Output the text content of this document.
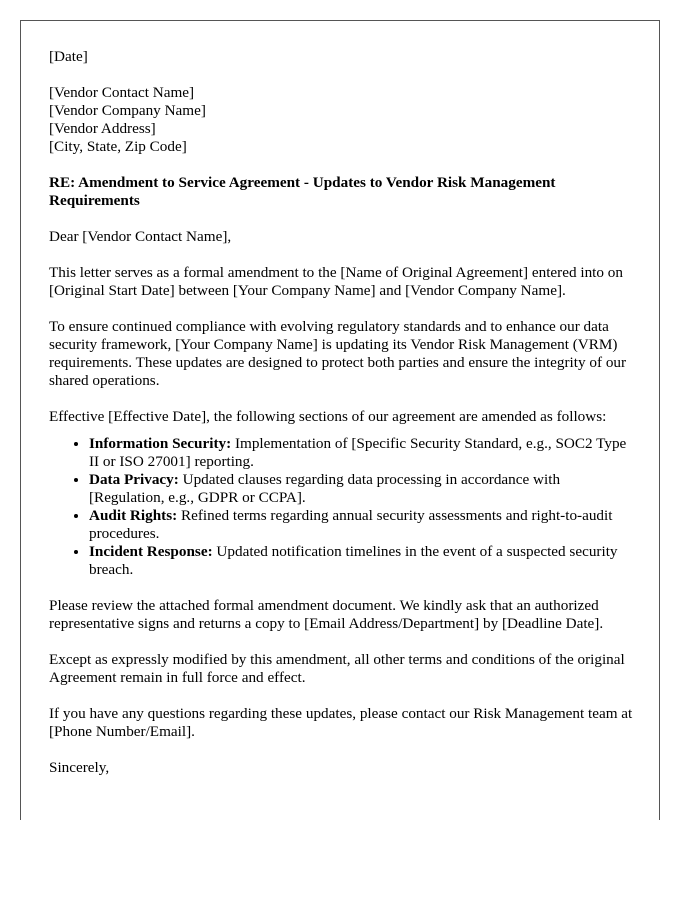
[Date]

[Vendor Contact Name]
[Vendor Company Name]
[Vendor Address]
[City, State, Zip Code]

RE: Amendment to Service Agreement - Updates to Vendor Risk Management Requirements

Dear [Vendor Contact Name],

This letter serves as a formal amendment to the [Name of Original Agreement] entered into on [Original Start Date] between [Your Company Name] and [Vendor Company Name].

To ensure continued compliance with evolving regulatory standards and to enhance our data security framework, [Your Company Name] is updating its Vendor Risk Management (VRM) requirements. These updates are designed to protect both parties and ensure the integrity of our shared operations.

Effective [Effective Date], the following sections of our agreement are amended as follows:

• Information Security: Implementation of [Specific Security Standard, e.g., SOC2 Type II or ISO 27001] reporting.
• Data Privacy: Updated clauses regarding data processing in accordance with [Regulation, e.g., GDPR or CCPA].
• Audit Rights: Refined terms regarding annual security assessments and right-to-audit procedures.
• Incident Response: Updated notification timelines in the event of a suspected security breach.

Please review the attached formal amendment document. We kindly ask that an authorized representative signs and returns a copy to [Email Address/Department] by [Deadline Date].

Except as expressly modified by this amendment, all other terms and conditions of the original Agreement remain in full force and effect.

If you have any questions regarding these updates, please contact our Risk Management team at [Phone Number/Email].

Sincerely,
